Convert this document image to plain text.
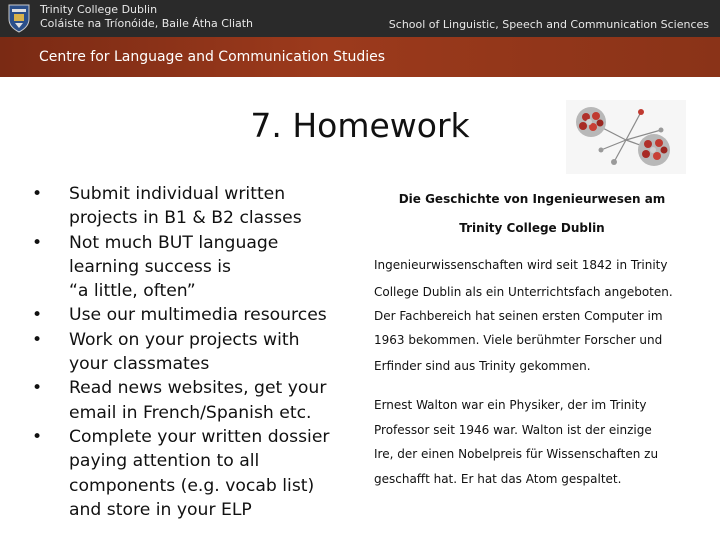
Trinity College Dublin
Coláiste na Tríonóide, Baile Átha Cliath	School of Linguistic, Speech and Communication Sciences
Centre for Language and Communication Studies
7. Homework
• Submit individual written
projects in B1 & B2 classes
• Not much BUT language
learning success is
“a little, often”
• Use our multimedia resources
• Work on your projects with
your classmates
• Read news websites, get your
email in French/Spanish etc.
• Complete your written dossier
paying attention to all
components (e.g. vocab list)
and store in your ELP
Die Geschichte von Ingenieurwesen am
Trinity College Dublin
Ingenieurwissenschaften wird seit 1842 in Trinity
College Dublin als ein Unterrichtsfach angeboten.
Der Fachbereich hat seinen ersten Computer im
1963 bekommen. Viele berühmter Forscher und
Erfinder sind aus Trinity gekommen.
Ernest Walton war ein Physiker, der im Trinity
Professor seit 1946 war. Walton ist der einzige
Ire, der einen Nobelpreis für Wissenschaften zu
geschafft hat. Er hat das Atom gespaltet.
